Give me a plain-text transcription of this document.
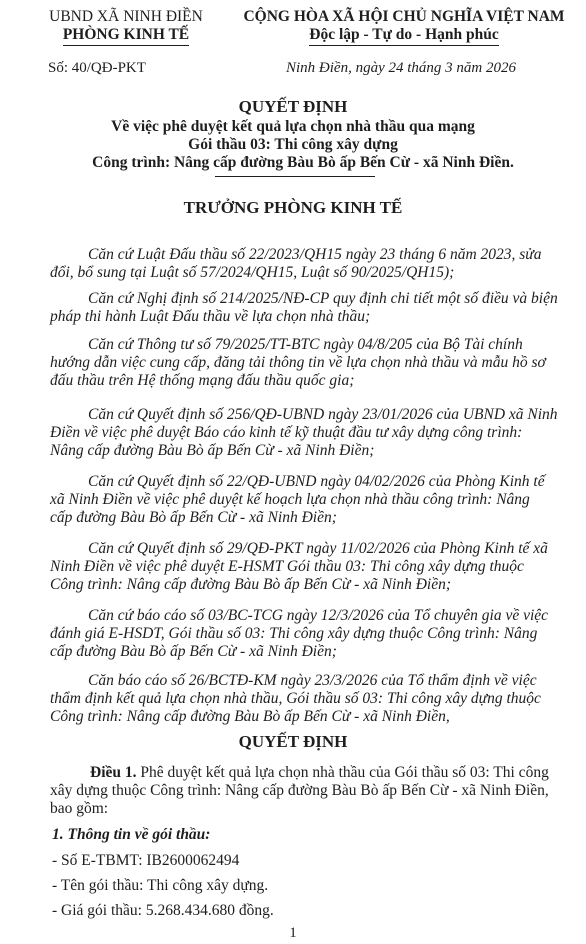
UBND XÃ NINH ĐIỀN
PHÒNG KINH TẾ
Số: 40/QĐ-PKT
CỘNG HÒA XÃ HỘI CHỦ NGHĨA VIỆT NAM
Độc lập - Tự do - Hạnh phúc
Ninh Điền, ngày 24 tháng 3 năm 2026
QUYẾT ĐỊNH
Về việc phê duyệt kết quả lựa chọn nhà thầu qua mạng
Gói thầu 03: Thi công xây dựng
Công trình: Nâng cấp đường Bàu Bò ấp Bến Cừ - xã Ninh Điền.
TRƯỞNG PHÒNG KINH TẾ
Căn cứ Luật Đấu thầu số 22/2023/QH15 ngày 23 tháng 6 năm 2023, sửa
đổi, bổ sung tại Luật số 57/2024/QH15, Luật số 90/2025/QH15);
Căn cứ Nghị định số 214/2025/NĐ-CP quy định chi tiết một số điều và biện
pháp thi hành Luật Đấu thầu về lựa chọn nhà thầu;
Căn cứ Thông tư số 79/2025/TT-BTC ngày 04/8/205 của Bộ Tài chính
hướng dẫn việc cung cấp, đăng tải thông tin về lựa chọn nhà thầu và mẫu hồ sơ
đấu thầu trên Hệ thống mạng đấu thầu quốc gia;
Căn cứ Quyết định số 256/QĐ-UBND ngày 23/01/2026 của UBND xã Ninh
Điền về việc phê duyệt Báo cáo kinh tế kỹ thuật đầu tư xây dựng công trình:
Nâng cấp đường Bàu Bò ấp Bến Cừ - xã Ninh Điền;
Căn cứ Quyết định số 22/QĐ-UBND ngày 04/02/2026 của Phòng Kinh tế
xã Ninh Điền về việc phê duyệt kế hoạch lựa chọn nhà thầu công trình: Nâng
cấp đường Bàu Bò ấp Bến Cừ - xã Ninh Điền;
Căn cứ Quyết định số 29/QĐ-PKT ngày 11/02/2026 của Phòng Kinh tế xã
Ninh Điền về việc phê duyệt E-HSMT Gói thầu 03: Thi công xây dựng thuộc
Công trình: Nâng cấp đường Bàu Bò ấp Bến Cừ - xã Ninh Điền;
Căn cứ báo cáo số 03/BC-TCG ngày 12/3/2026 của Tổ chuyên gia về việc
đánh giá E-HSDT, Gói thầu số 03: Thi công xây dựng thuộc Công trình: Nâng
cấp đường Bàu Bò ấp Bến Cừ - xã Ninh Điền;
Căn báo cáo số 26/BCTĐ-KM ngày 23/3/2026 của Tổ thẩm định về việc
thẩm định kết quả lựa chọn nhà thầu, Gói thầu số 03: Thi công xây dựng thuộc
Công trình: Nâng cấp đường Bàu Bò ấp Bến Cừ - xã Ninh Điền,
QUYẾT ĐỊNH
Điều 1. Phê duyệt kết quả lựa chọn nhà thầu của Gói thầu số 03: Thi công
xây dựng thuộc Công trình: Nâng cấp đường Bàu Bò ấp Bến Cừ - xã Ninh Điền,
bao gồm:
1. Thông tin về gói thầu:
- Số E-TBMT: IB2600062494
- Tên gói thầu: Thi công xây dựng.
- Giá gói thầu: 5.268.434.680 đồng.
1
